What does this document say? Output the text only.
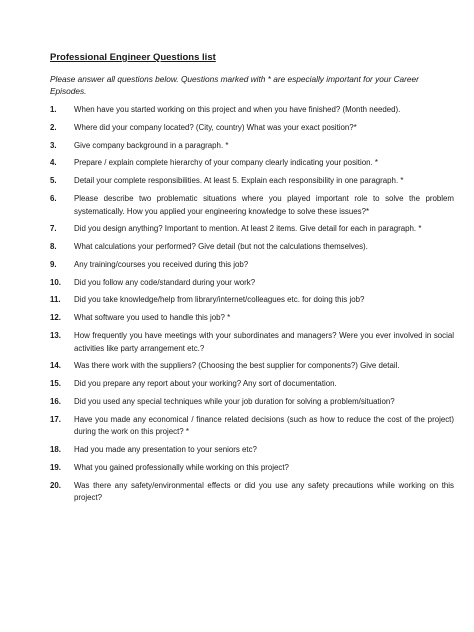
Professional Engineer Questions list
Please answer all questions below. Questions marked with * are especially important for your Career Episodes.
1. When have you started working on this project and when you have finished? (Month needed).
2. Where did your company located? (City, country) What was your exact position?*
3. Give company background in a paragraph. *
4. Prepare / explain complete hierarchy of your company clearly indicating your position. *
5. Detail your complete responsibilities. At least 5. Explain each responsibility in one paragraph. *
6. Please describe two problematic situations where you played important role to solve the problem systematically. How you applied your engineering knowledge to solve these issues?*
7. Did you design anything? Important to mention. At least 2 items. Give detail for each in paragraph. *
8. What calculations your performed? Give detail (but not the calculations themselves).
9. Any training/courses you received during this job?
10. Did you follow any code/standard during your work?
11. Did you take knowledge/help from library/internet/colleagues etc. for doing this job?
12. What software you used to handle this job? *
13. How frequently you have meetings with your subordinates and managers? Were you ever involved in social activities like party arrangement etc.?
14. Was there work with the suppliers? (Choosing the best supplier for components?) Give detail.
15. Did you prepare any report about your working? Any sort of documentation.
16. Did you used any special techniques while your job duration for solving a problem/situation?
17. Have you made any economical / finance related decisions (such as how to reduce the cost of the project) during the work on this project? *
18. Had you made any presentation to your seniors etc?
19. What you gained professionally while working on this project?
20. Was there any safety/environmental effects or did you use any safety precautions while working on this project?
